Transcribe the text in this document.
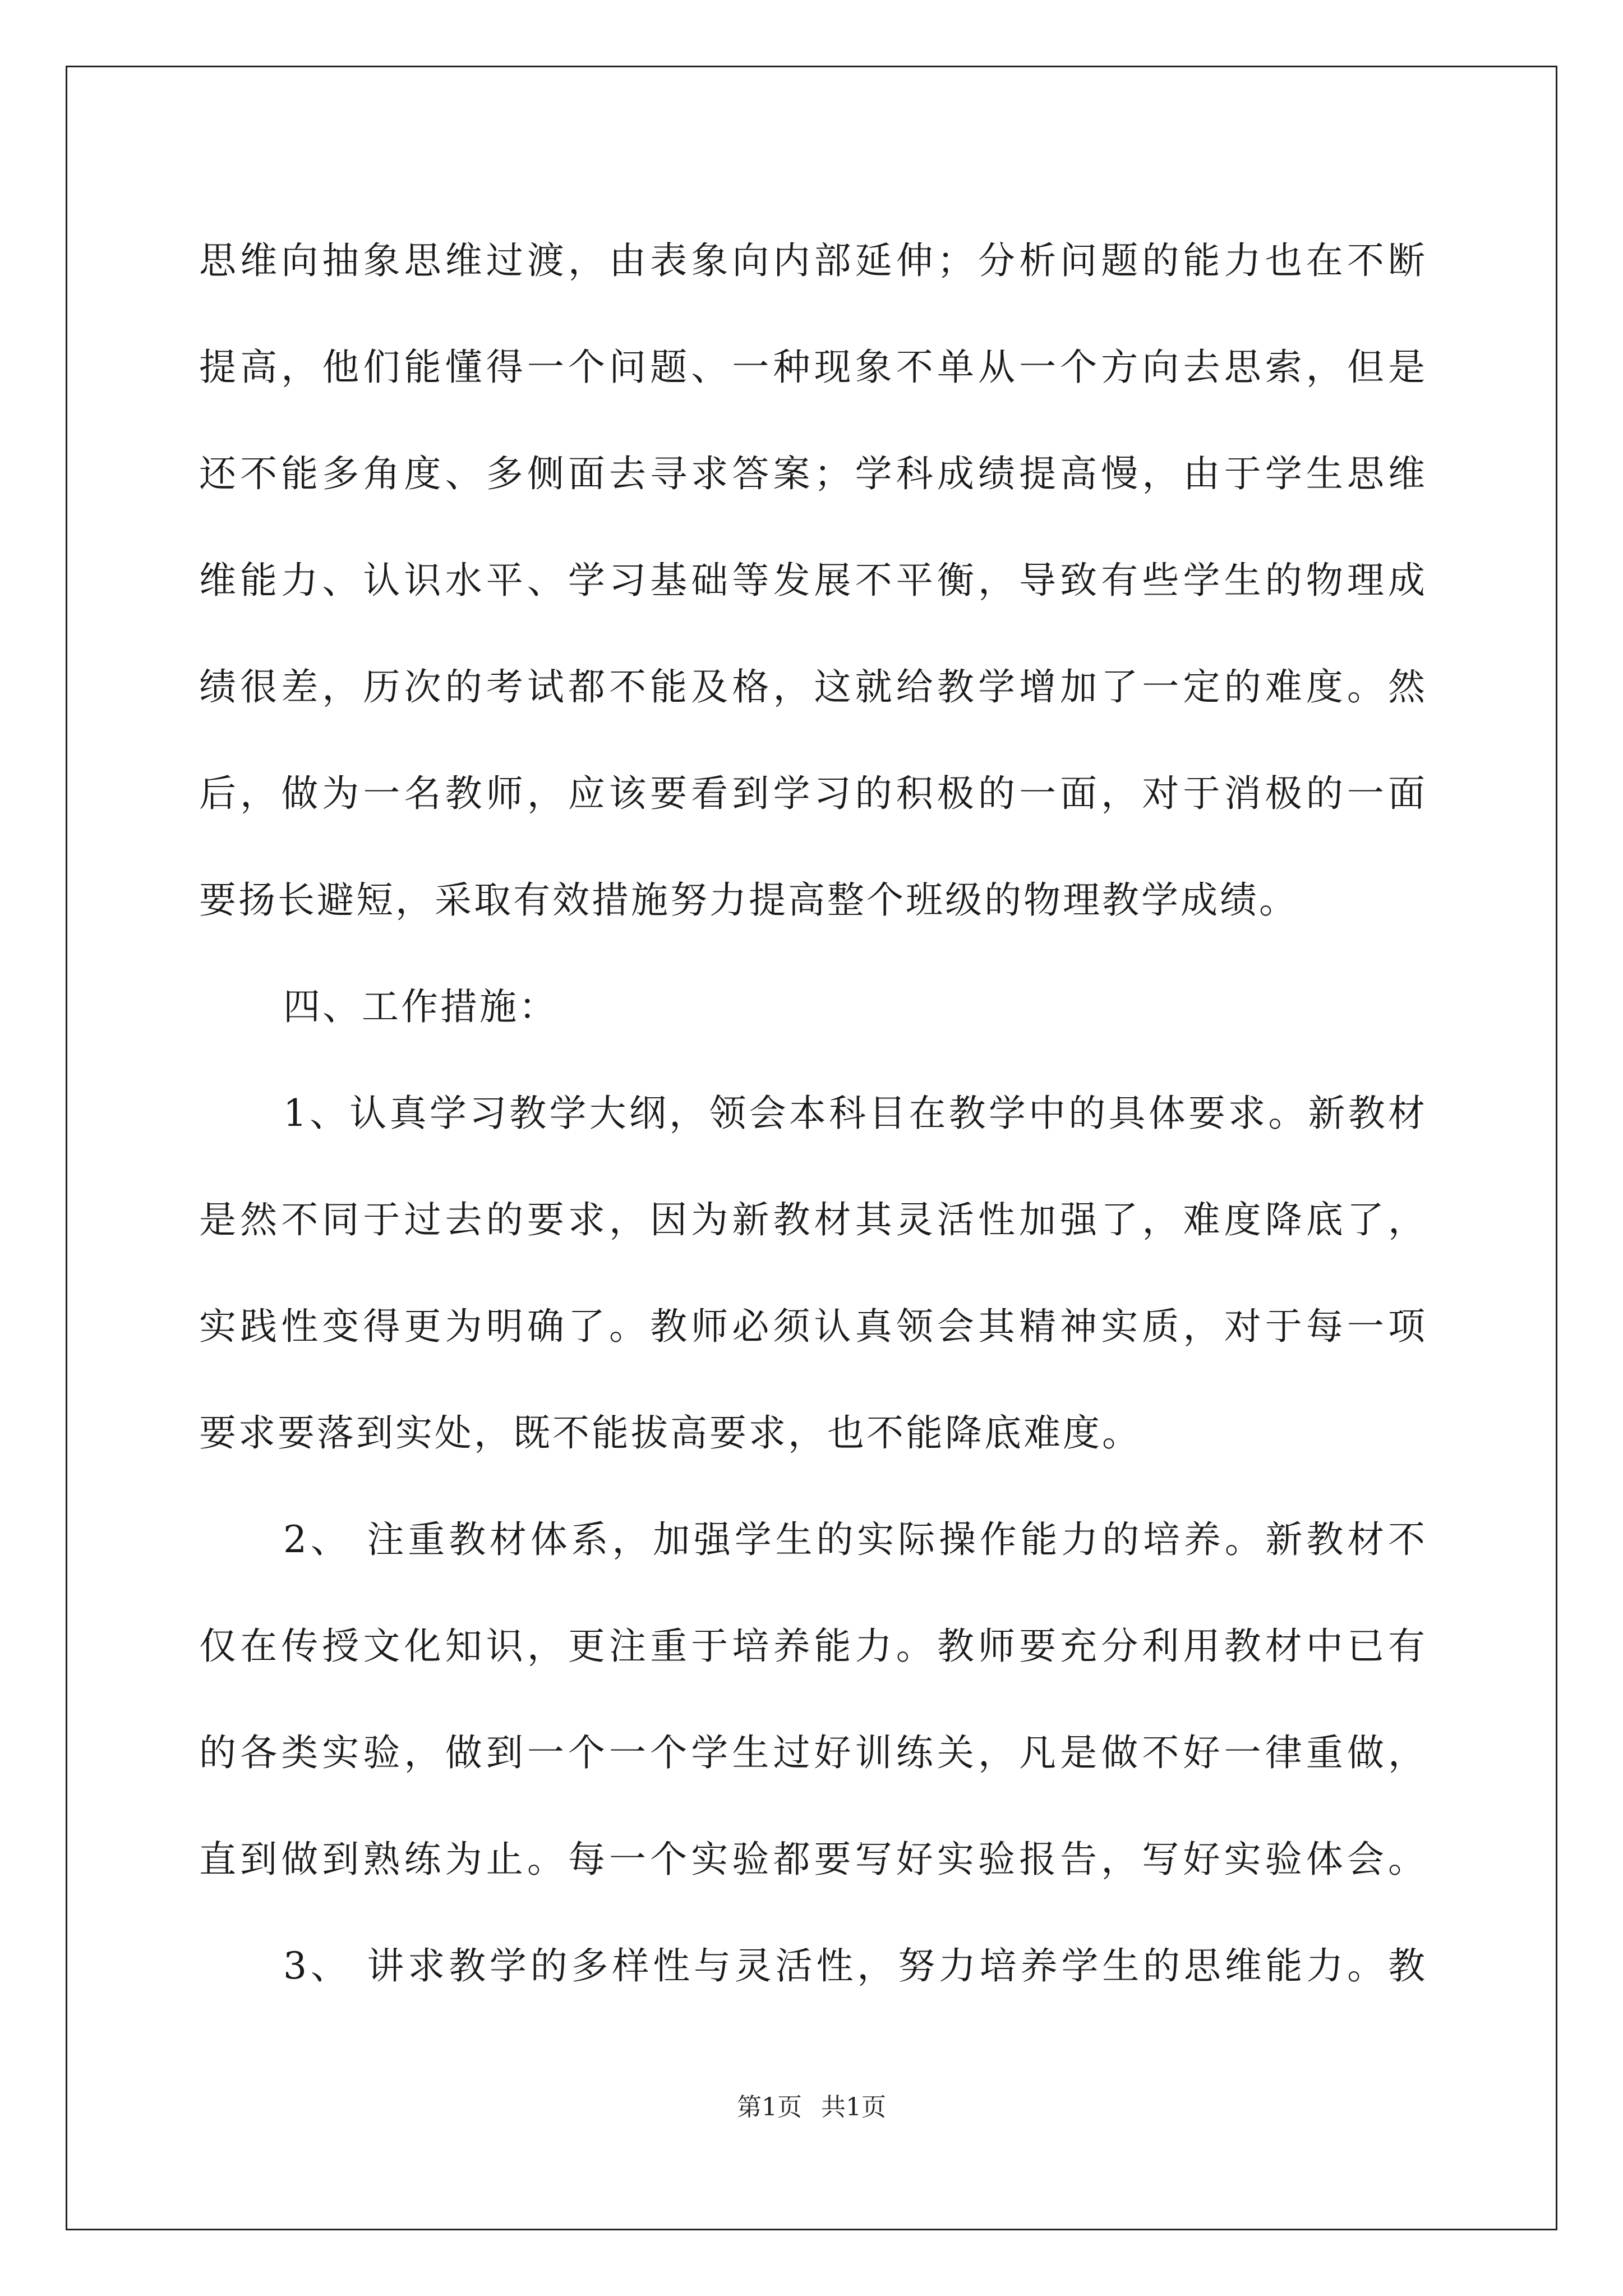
思维向抽象思维过渡，由表象向内部延伸；分析问题的能力也在不断
提高，他们能懂得一个问题、一种现象不单从一个方向去思索，但是
还不能多角度、多侧面去寻求答案；学科成绩提高慢，由于学生思维
维能力、认识水平、学习基础等发展不平衡，导致有些学生的物理成
绩很差，历次的考试都不能及格，这就给教学增加了一定的难度。然
后，做为一名教师，应该要看到学习的积极的一面，对于消极的一面
要扬长避短，采取有效措施努力提高整个班级的物理教学成绩。
四、工作措施：
1、认真学习教学大纲，领会本科目在教学中的具体要求。新教材
是然不同于过去的要求，因为新教材其灵活性加强了，难度降底了，
实践性变得更为明确了。教师必须认真领会其精神实质，对于每一项
要求要落到实处，既不能拔高要求，也不能降底难度。
2、 注重教材体系，加强学生的实际操作能力的培养。新教材不
仅在传授文化知识，更注重于培养能力。教师要充分利用教材中已有
的各类实验，做到一个一个学生过好训练关，凡是做不好一律重做，
直到做到熟练为止。每一个实验都要写好实验报告，写好实验体会。
3、 讲求教学的多样性与灵活性，努力培养学生的思维能力。教
第1页 共1页
